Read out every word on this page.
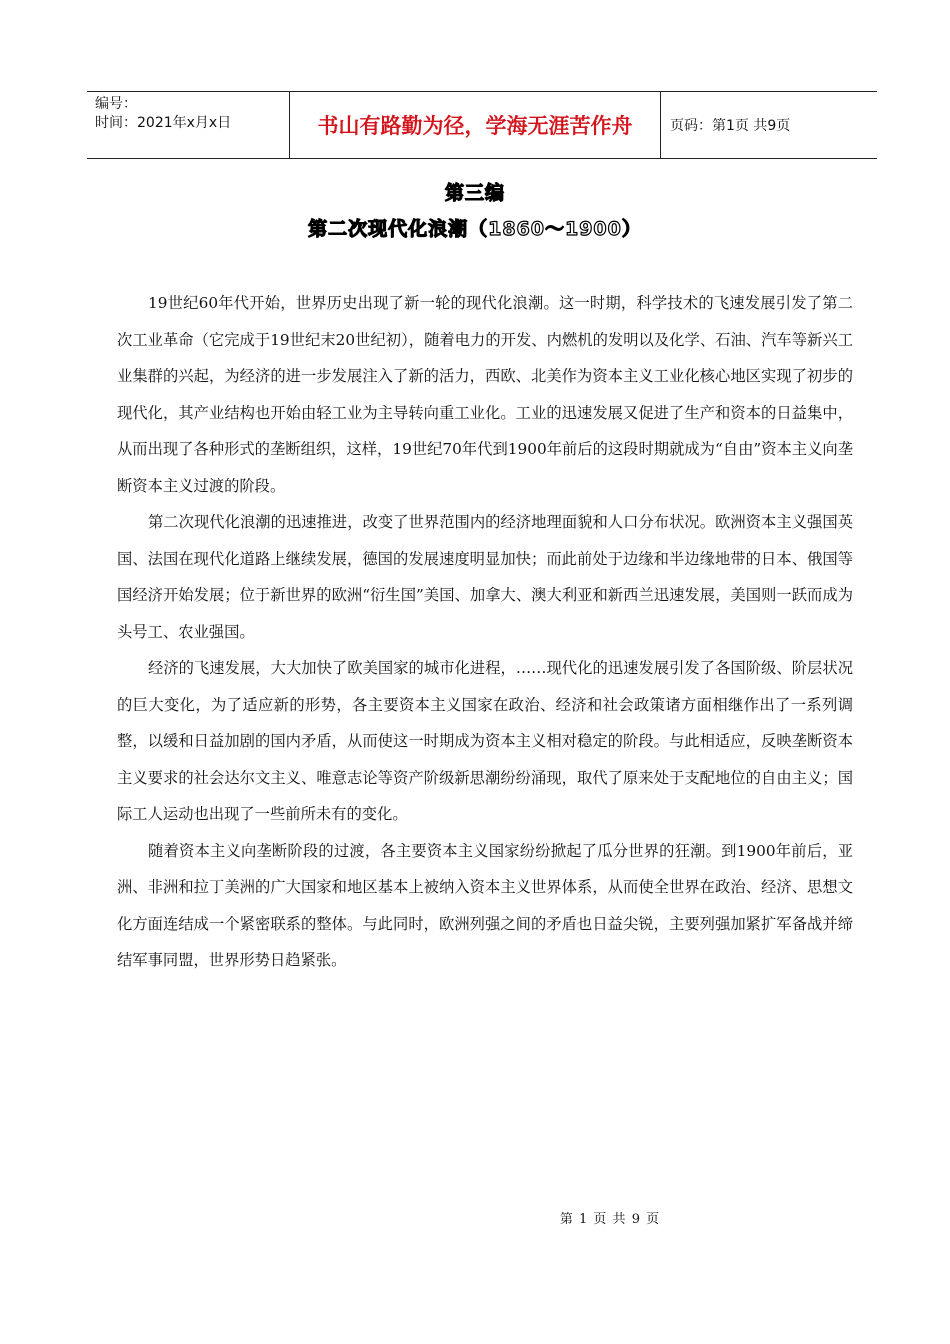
编号：
时间：2021年x月x日	书山有路勤为径，学海无涯苦作舟	页码：第1页 共9页
第三编
第二次现代化浪潮（1860～1900）

19世纪60年代开始，世界历史出现了新一轮的现代化浪潮。这一时期，科学技术的飞速发展引发了第二次工业革命（它完成于19世纪末20世纪初），随着电力的开发、内燃机的发明以及化学、石油、汽车等新兴工业集群的兴起，为经济的进一步发展注入了新的活力，西欧、北美作为资本主义工业化核心地区实现了初步的现代化，其产业结构也开始由轻工业为主导转向重工业化。工业的迅速发展又促进了生产和资本的日益集中，从而出现了各种形式的垄断组织，这样，19世纪70年代到1900年前后的这段时期就成为“自由”资本主义向垄断资本主义过渡的阶段。

第二次现代化浪潮的迅速推进，改变了世界范围内的经济地理面貌和人口分布状况。欧洲资本主义强国英国、法国在现代化道路上继续发展，德国的发展速度明显加快；而此前处于边缘和半边缘地带的日本、俄国等国经济开始发展；位于新世界的欧洲“衍生国”美国、加拿大、澳大利亚和新西兰迅速发展，美国则一跃而成为头号工、农业强国。

经济的飞速发展，大大加快了欧美国家的城市化进程，……现代化的迅速发展引发了各国阶级、阶层状况的巨大变化，为了适应新的形势，各主要资本主义国家在政治、经济和社会政策诸方面相继作出了一系列调整，以缓和日益加剧的国内矛盾，从而使这一时期成为资本主义相对稳定的阶段。与此相适应，反映垄断资本主义要求的社会达尔文主义、唯意志论等资产阶级新思潮纷纷涌现，取代了原来处于支配地位的自由主义；国际工人运动也出现了一些前所未有的变化。

随着资本主义向垄断阶段的过渡，各主要资本主义国家纷纷掀起了瓜分世界的狂潮。到1900年前后，亚洲、非洲和拉丁美洲的广大国家和地区基本上被纳入资本主义世界体系，从而使全世界在政治、经济、思想文化方面连结成一个紧密联系的整体。与此同时，欧洲列强之间的矛盾也日益尖锐，主要列强加紧扩军备战并缔结军事同盟，世界形势日趋紧张。

第 1 页 共 9 页
